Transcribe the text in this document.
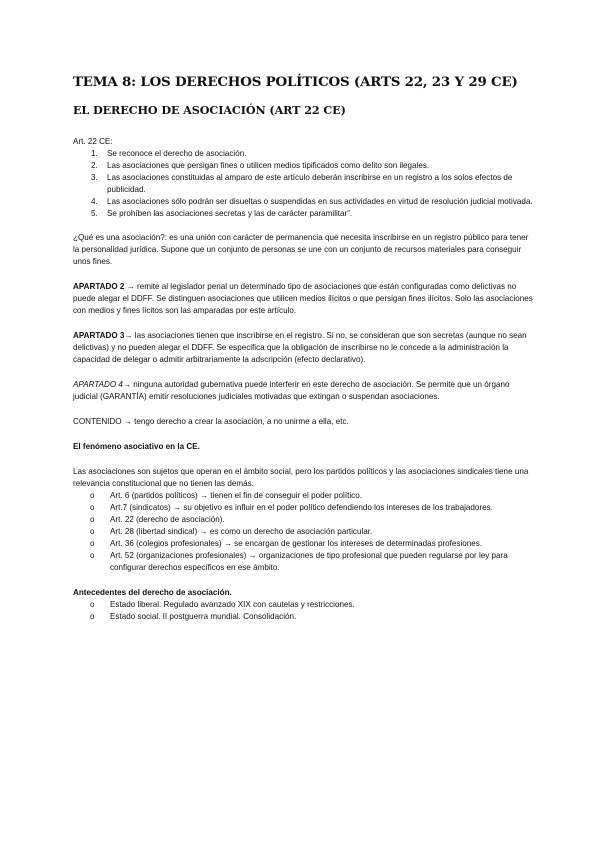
TEMA 8: LOS DERECHOS POLÍTICOS (ARTS 22, 23 Y 29 CE)
EL DERECHO DE ASOCIACIÓN (ART 22 CE)

Art. 22 CE:

1. Se reconoce el derecho de asociación.
2. Las asociaciones que persigan fines o utilicen medios tipificados como delito son ilegales.
3. Las asociaciones constituidas al amparo de este artículo deberán inscribirse en un registro a los solos efectos de publicidad.
4. Las asociaciones sólo podrán ser disueltas o suspendidas en sus actividades en virtud de resolución judicial motivada.
5. Se prohíben las asociaciones secretas y las de carácter paramilitar”.

¿Qué es una asociación?: es una unión con carácter de permanencia que necesita inscribirse en un registro público para tener la personalidad jurídica. Supone que un conjunto de personas se une con un conjunto de recursos materiales para conseguir unos fines.

APARTADO 2 → remite al legislador penal un determinado tipo de asociaciones que están configuradas como delictivas no puede alegar el DDFF. Se distinguen asociaciones que utilicen medios ilícitos o que persigan fines ilícitos. Solo las asociaciones con medios y fines lícitos son las amparadas por este artículo.

APARTADO 3→ las asociaciones tienen que inscribirse en el registro. Si no, se consideran que son secretas (aunque no sean delictivas) y no pueden alegar el DDFF. Se especifica que la obligación de inscribirse no le concede a la administración la capacidad de delegar o admitir arbitrariamente la adscripción (efecto declarativo).

APARTADO 4→ ninguna autoridad gubernativa puede interferir en este derecho de asociación. Se permite que un órgano judicial (GARANTÍA) emitir resoluciones judiciales motivadas que extingan o suspendan asociaciones.

CONTENIDO → tengo derecho a crear la asociación, a no unirme a ella, etc.

El fenómeno asociativo en la CE.

Las asociaciones son sujetos que operan en el ámbito social, pero los partidos políticos y las asociaciones sindicales tiene una relevancia constitucional que no tienen las demás.

o Art. 6 (partidos políticos) → tienen el fin de conseguir el poder político.
o Art.7 (sindicatos) → su objetivo es influir en el poder político defendiendo los intereses de los trabajadores.
o Art. 22 (derecho de asociación).
o Art. 28 (libertad sindical) → es como un derecho de asociación particular.
o Art. 36 (colegios profesionales) → se encargan de gestionar los intereses de determinadas profesiones.
o Art. 52 (organizaciones profesionales) → organizaciones de tipo profesional que pueden regularse por ley para configurar derechos específicos en ese ámbito.

Antecedentes del derecho de asociación.

o Estado liberal. Regulado avanzado XIX con cautelas y restricciones.
o Estado social. II postguerra mundial. Consolidación.
